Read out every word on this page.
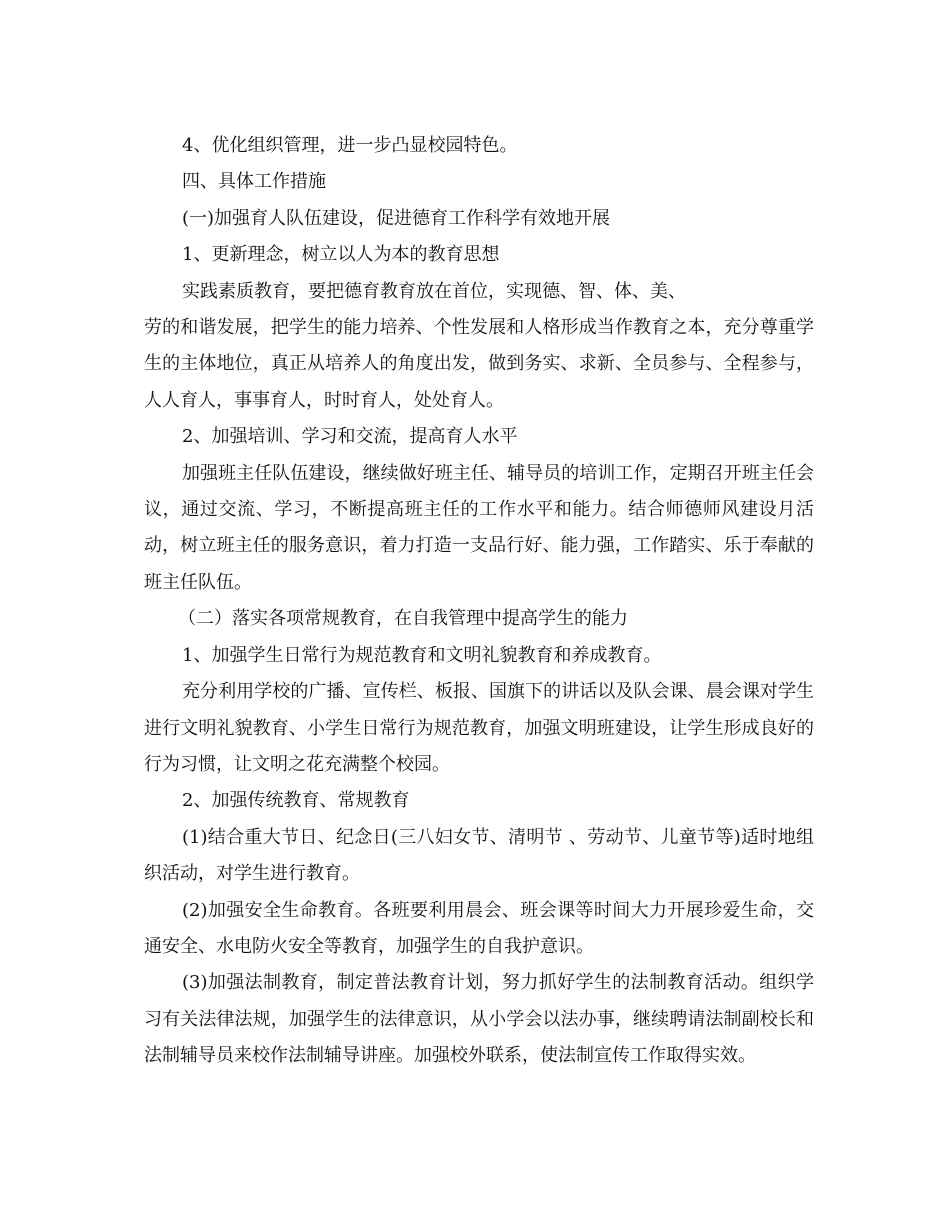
4、优化组织管理，进一步凸显校园特色。

四、具体工作措施

(一)加强育人队伍建设，促进德育工作科学有效地开展

1、更新理念，树立以人为本的教育思想

实践素质教育，要把德育教育放在首位，实现德、智、体、美、

劳的和谐发展，把学生的能力培养、个性发展和人格形成当作教育之本，充分尊重学生的主体地位，真正从培养人的角度出发，做到务实、求新、全员参与、全程参与，人人育人，事事育人，时时育人，处处育人。

2、加强培训、学习和交流，提高育人水平

加强班主任队伍建设，继续做好班主任、辅导员的培训工作，定期召开班主任会议，通过交流、学习，不断提高班主任的工作水平和能力。结合师德师风建设月活动，树立班主任的服务意识，着力打造一支品行好、能力强，工作踏实、乐于奉献的班主任队伍。

（二）落实各项常规教育，在自我管理中提高学生的能力

1、加强学生日常行为规范教育和文明礼貌教育和养成教育。

充分利用学校的广播、宣传栏、板报、国旗下的讲话以及队会课、晨会课对学生进行文明礼貌教育、小学生日常行为规范教育，加强文明班建设，让学生形成良好的行为习惯，让文明之花充满整个校园。

2、加强传统教育、常规教育

(1)结合重大节日、纪念日(三八妇女节、清明节 、劳动节、儿童节等)适时地组织活动，对学生进行教育。

(2)加强安全生命教育。各班要利用晨会、班会课等时间大力开展珍爱生命，交通安全、水电防火安全等教育，加强学生的自我护意识。

(3)加强法制教育，制定普法教育计划，努力抓好学生的法制教育活动。组织学习有关法律法规，加强学生的法律意识，从小学会以法办事，继续聘请法制副校长和法制辅导员来校作法制辅导讲座。加强校外联系，使法制宣传工作取得实效。
